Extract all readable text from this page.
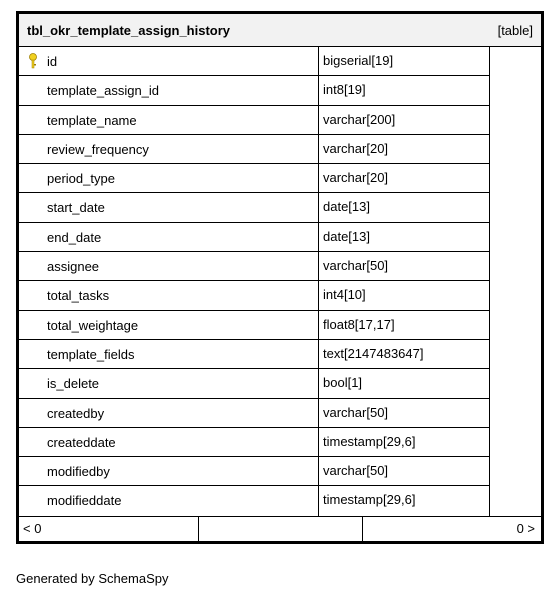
tbl_okr_template_assign_history	[table]
id	bigserial[19]
template_assign_id	int8[19]
template_name	varchar[200]
review_frequency	varchar[20]
period_type	varchar[20]
start_date	date[13]
end_date	date[13]
assignee	varchar[50]
total_tasks	int4[10]
total_weightage	float8[17,17]
template_fields	text[2147483647]
is_delete	bool[1]
createdby	varchar[50]
createddate	timestamp[29,6]
modifiedby	varchar[50]
modifieddate	timestamp[29,6]
< 0	0 >
Generated by SchemaSpy
